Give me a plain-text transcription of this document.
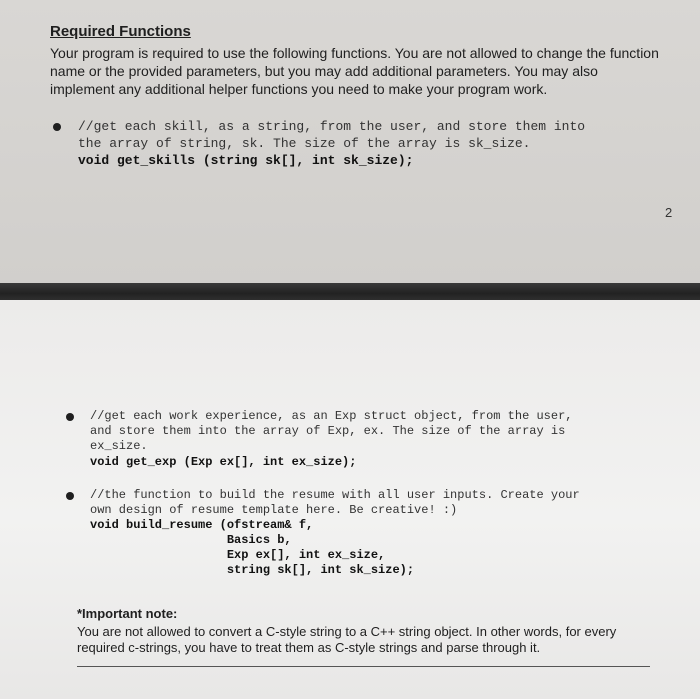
Required Functions
Your program is required to use the following functions. You are not allowed to change the function name or the provided parameters, but you may add additional parameters. You may also implement any additional helper functions you need to make your program work.
//get each skill, as a string, from the user, and store them into
the array of string, sk. The size of the array is sk_size.
void get_skills (string sk[], int sk_size);
2
//get each work experience, as an Exp struct object, from the user,
and store them into the array of Exp, ex. The size of the array is
ex_size.
void get_exp (Exp ex[], int ex_size);
//the function to build the resume with all user inputs. Create your
own design of resume template here. Be creative! :)
void build_resume (ofstream& f,
Basics b,
Exp ex[], int ex_size,
string sk[], int sk_size);
*Important note:
You are not allowed to convert a C-style string to a C++ string object. In other words, for every required c-strings, you have to treat them as C-style strings and parse through it.
